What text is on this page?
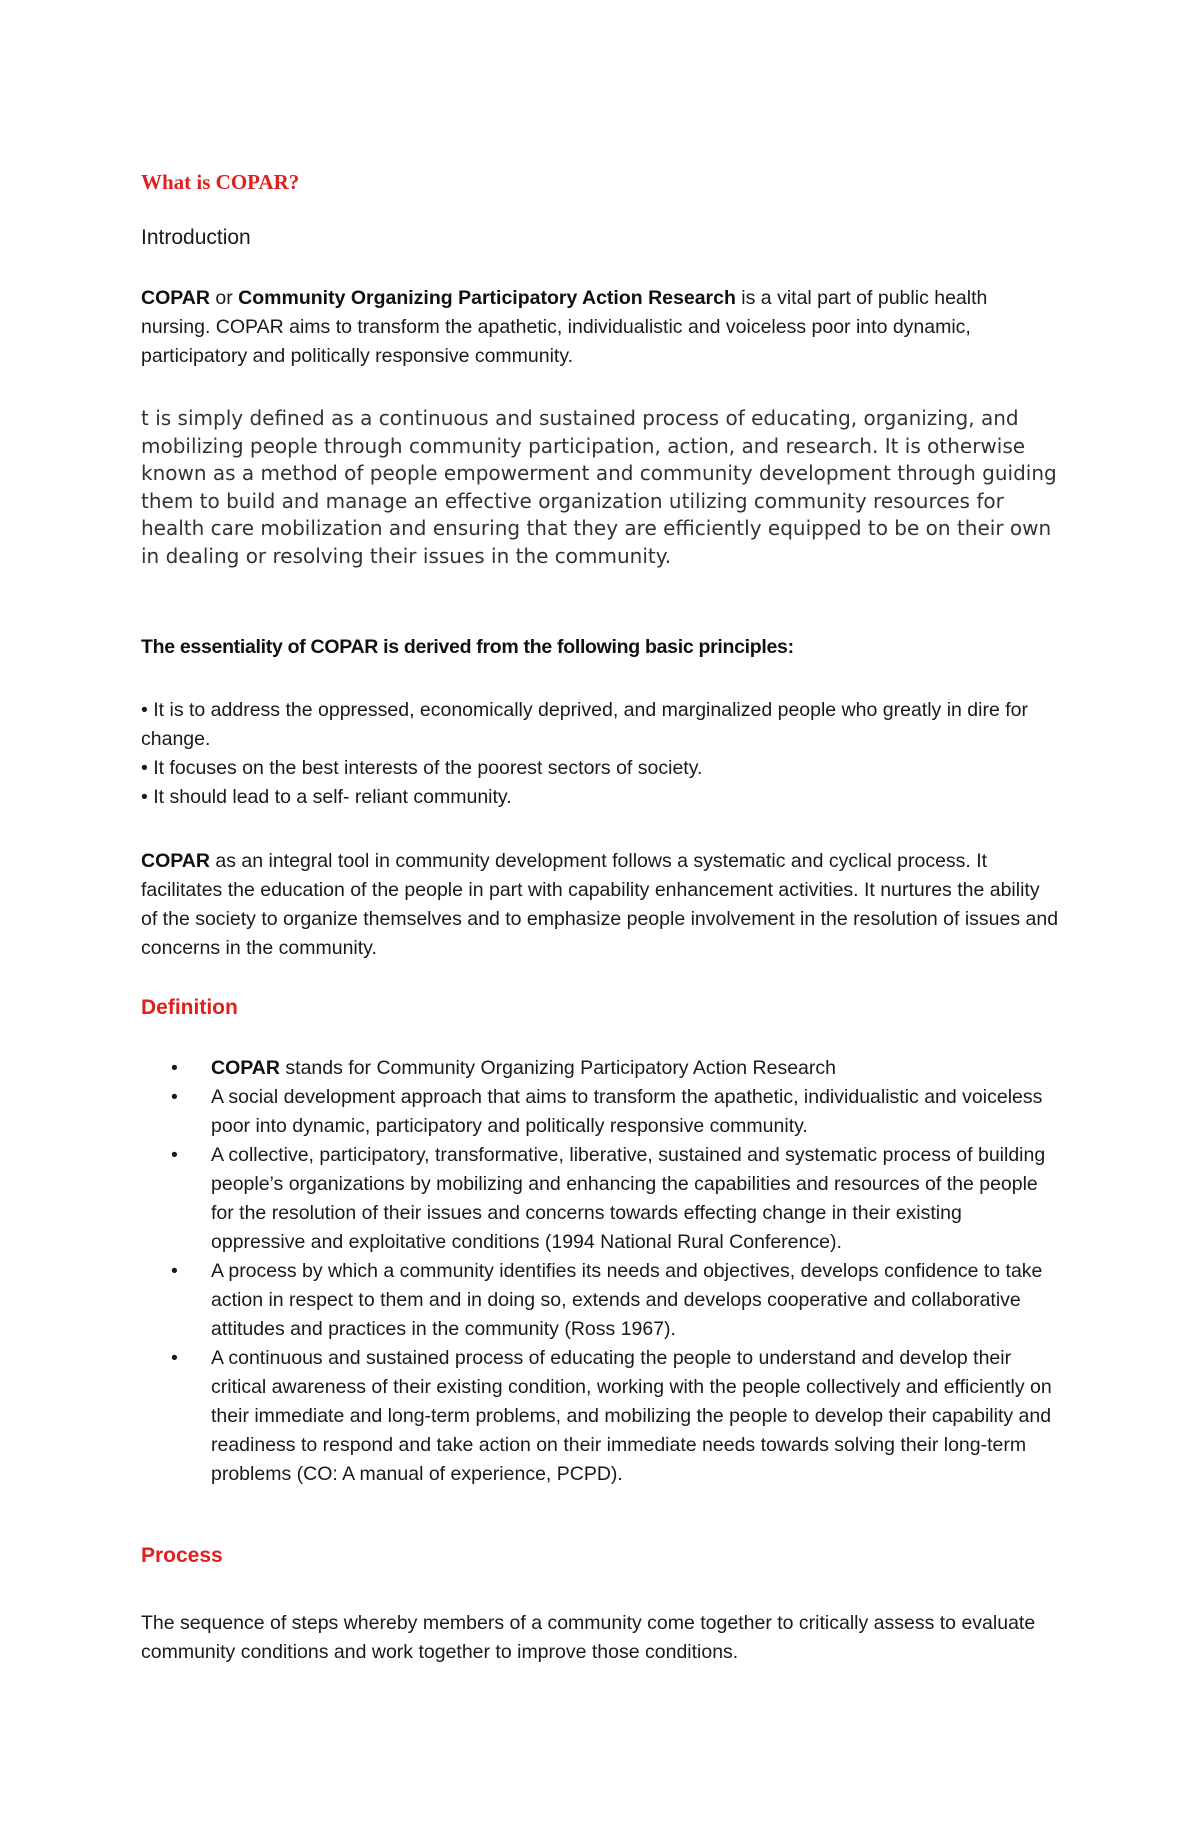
What is COPAR?
Introduction

COPAR or Community Organizing Participatory Action Research is a vital part of public health nursing. COPAR aims to transform the apathetic, individualistic and voiceless poor into dynamic, participatory and politically responsive community.

t is simply defined as a continuous and sustained process of educating, organizing, and mobilizing people through community participation, action, and research. It is otherwise known as a method of people empowerment and community development through guiding them to build and manage an effective organization utilizing community resources for health care mobilization and ensuring that they are efficiently equipped to be on their own in dealing or resolving their issues in the community.

The essentiality of COPAR is derived from the following basic principles:
• It is to address the oppressed, economically deprived, and marginalized people who greatly in dire for change.
• It focuses on the best interests of the poorest sectors of society.
• It should lead to a self- reliant community.

COPAR as an integral tool in community development follows a systematic and cyclical process. It facilitates the education of the people in part with capability enhancement activities. It nurtures the ability of the society to organize themselves and to emphasize people involvement in the resolution of issues and concerns in the community.

Definition
• COPAR stands for Community Organizing Participatory Action Research
• A social development approach that aims to transform the apathetic, individualistic and voiceless poor into dynamic, participatory and politically responsive community.
• A collective, participatory, transformative, liberative, sustained and systematic process of building people’s organizations by mobilizing and enhancing the capabilities and resources of the people for the resolution of their issues and concerns towards effecting change in their existing oppressive and exploitative conditions (1994 National Rural Conference).
• A process by which a community identifies its needs and objectives, develops confidence to take action in respect to them and in doing so, extends and develops cooperative and collaborative attitudes and practices in the community (Ross 1967).
• A continuous and sustained process of educating the people to understand and develop their critical awareness of their existing condition, working with the people collectively and efficiently on their immediate and long-term problems, and mobilizing the people to develop their capability and readiness to respond and take action on their immediate needs towards solving their long-term problems (CO: A manual of experience, PCPD).
Process

The sequence of steps whereby members of a community come together to critically assess to evaluate community conditions and work together to improve those conditions.
